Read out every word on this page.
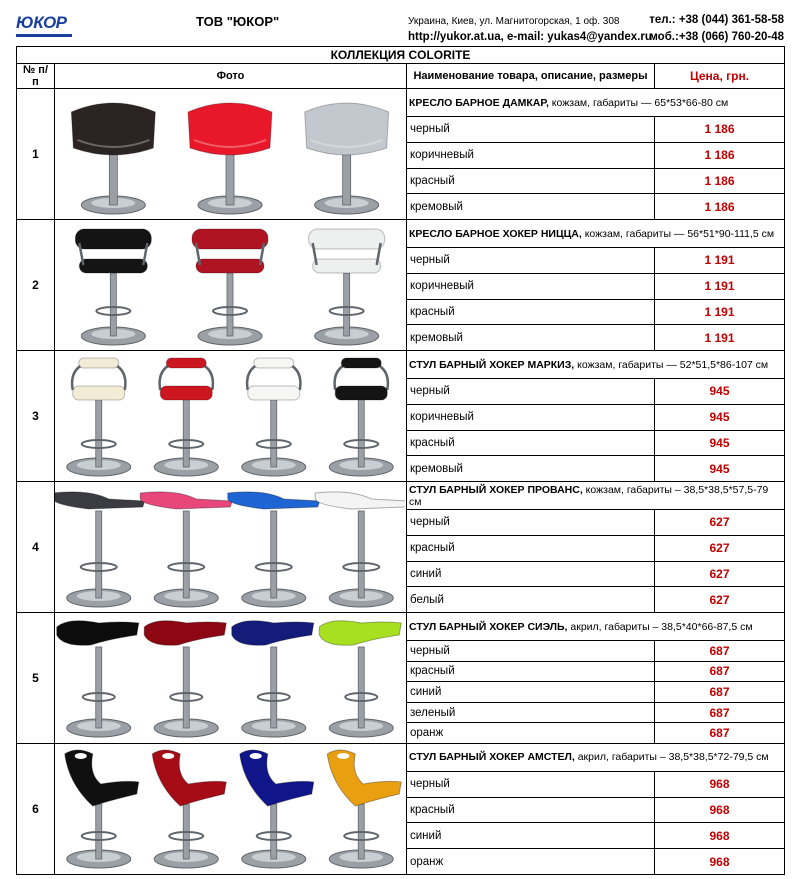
ЮКОР	ТОВ "ЮКОР"	Украина, Киев, ул. Магнитогорская, 1 оф. 308	тел.: +38 (044) 361-58-58
http://yukor.at.ua, e-mail: yukas4@yandex.ru
моб.:+38 (066) 760-20-48
КОЛЛЕКЦИЯ COLORITE			
№ п/п	Фото	Наименование товара, описание, размеры	Цена, грн.
1		КРЕСЛО БАРНОЕ ДАМКАР, кожзам, габариты — 65*53*66-80 см	
		черный	1 186
		коричневый	1 186
		красный	1 186
		кремовый	1 186
2		КРЕСЛО БАРНОЕ ХОКЕР НИЦЦА, кожзам, габариты — 56*51*90-111,5 см	
		черный	1 191
		коричневый	1 191
		красный	1 191
		кремовый	1 191
3		СТУЛ БАРНЫЙ ХОКЕР МАРКИЗ, кожзам, габариты — 52*51,5*86-107 см	
		черный	945
		коричневый	945
		красный	945
		кремовый	945
4		СТУЛ БАРНЫЙ ХОКЕР ПРОВАНС, кожзам, габариты – 38,5*38,5*57,5-79 см	
		черный	627
		красный	627
		синий	627
		белый	627
5		СТУЛ БАРНЫЙ ХОКЕР СИЭЛЬ, акрил, габариты – 38,5*40*66-87,5 см	
		черный	687
		красный	687
		синий	687
		зеленый	687
		оранж	687
6		СТУЛ БАРНЫЙ ХОКЕР АМСТЕЛ, акрил, габариты – 38,5*38,5*72-79,5 см	
		черный	968
		красный	968
		синий	968
		оранж	968
